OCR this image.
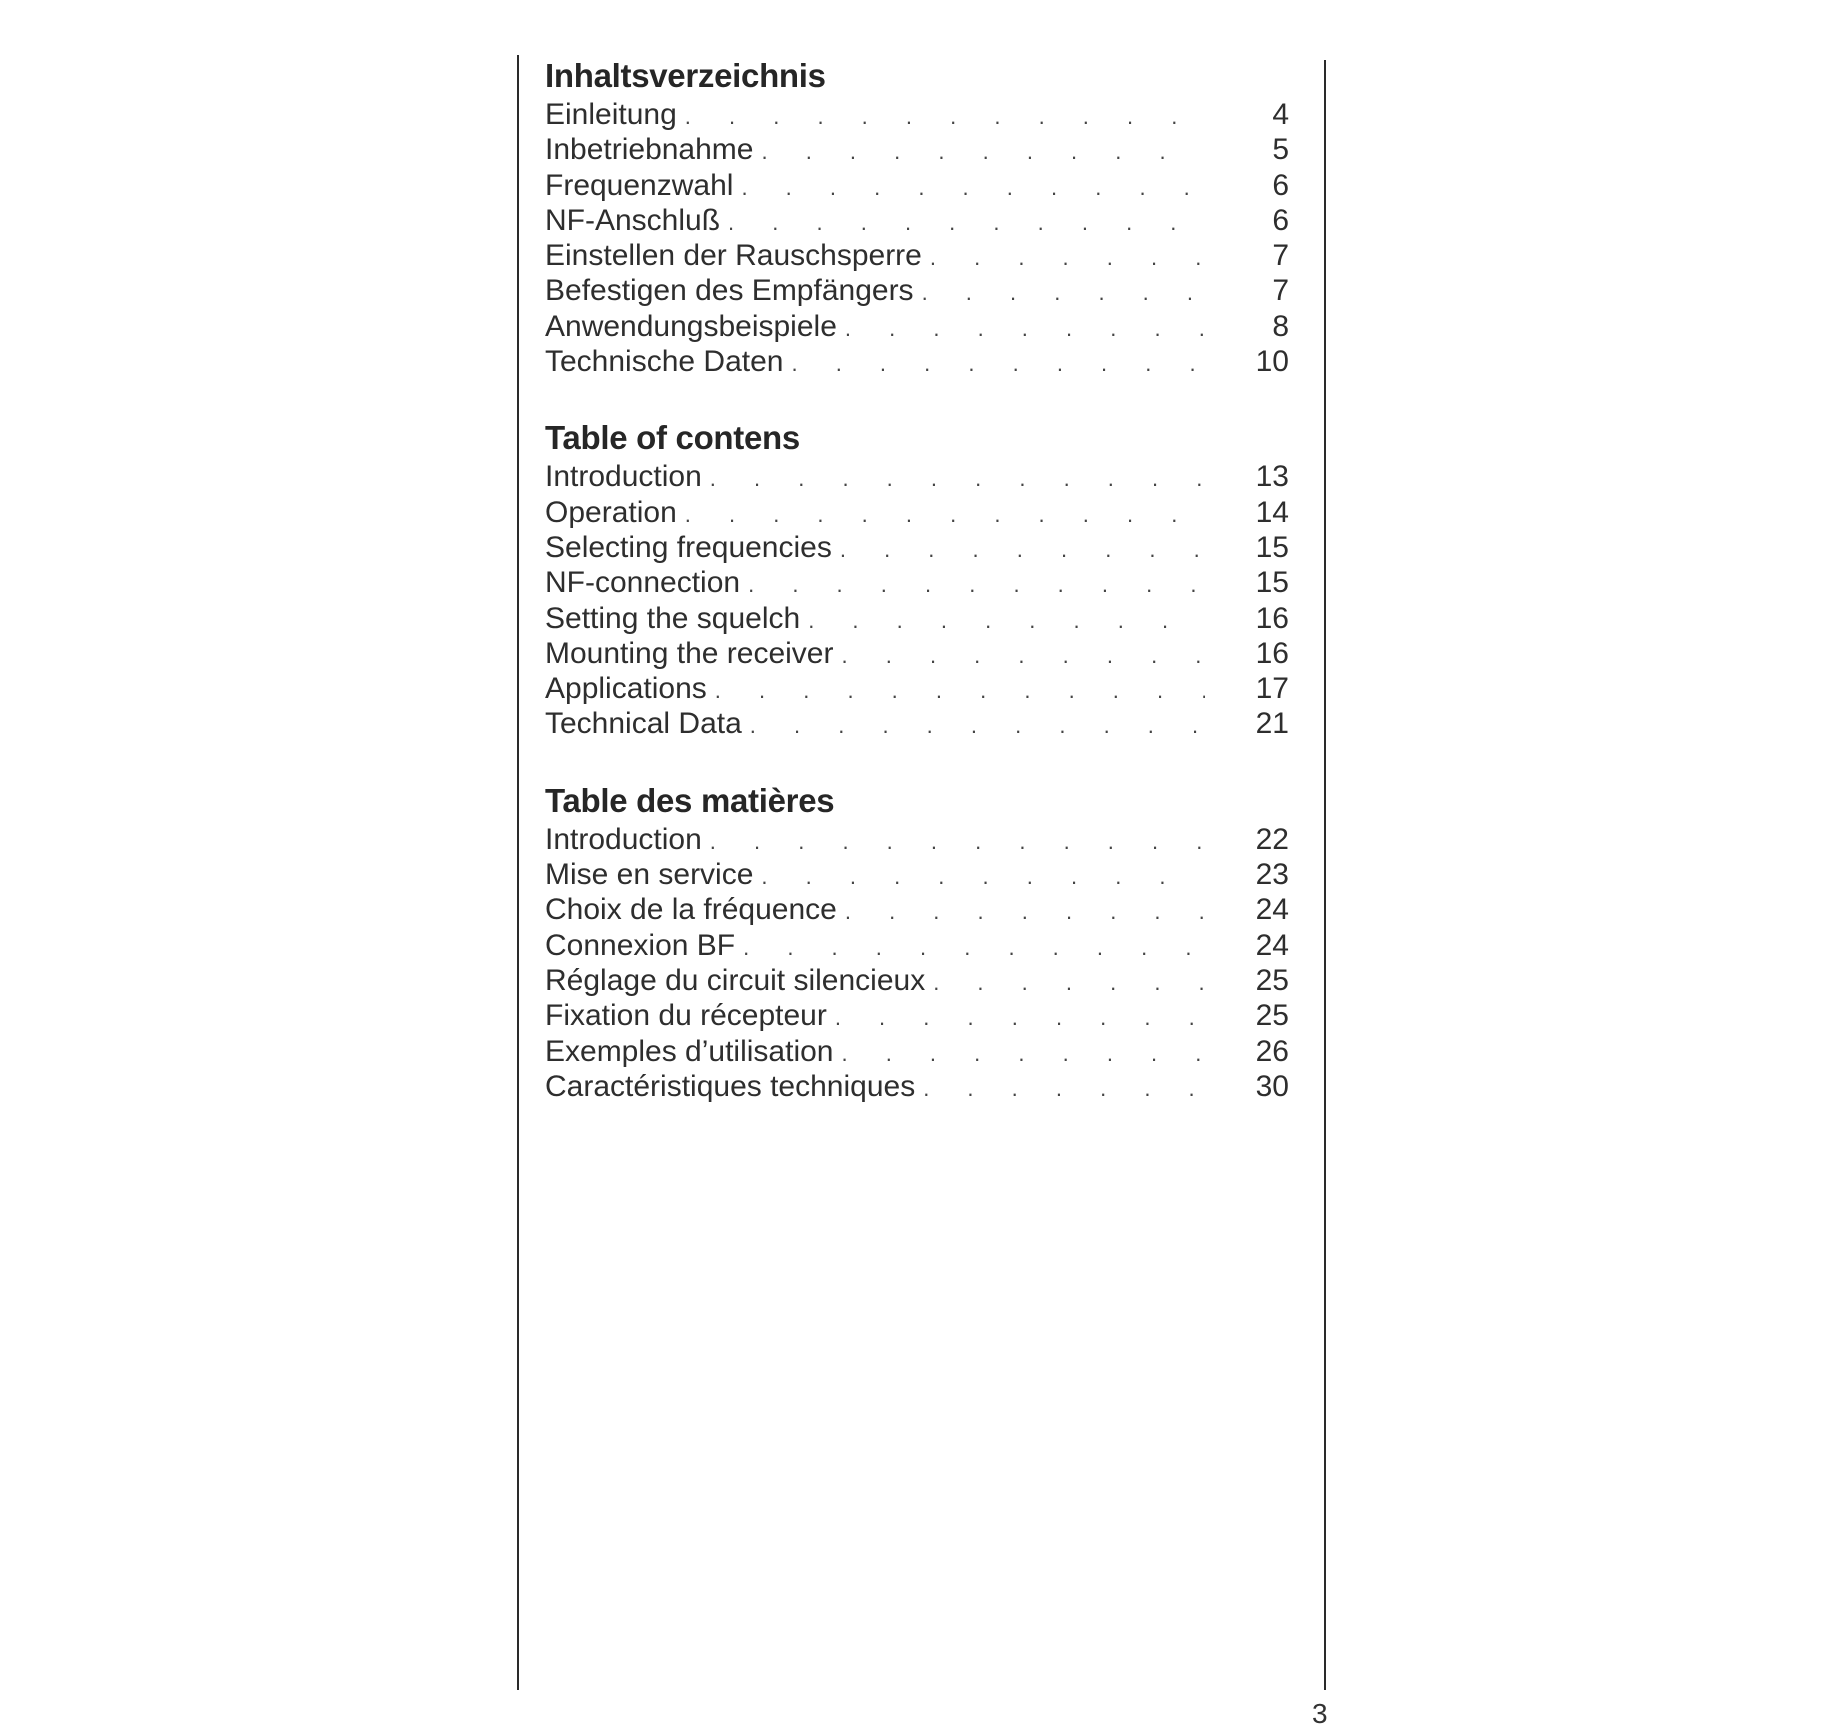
Inhaltsverzeichnis
Einleitung . . .	4
Inbetriebnahme . . .	5
Frequenzwahl . . .	6
NF-Anschluß . . .	6
Einstellen der Rauschsperre . . .	7
Befestigen des Empfängers . . .	7
Anwendungsbeispiele . . .	8
Technische Daten . . .	10
Table of contens
Introduction . . .	13
Operation . . .	14
Selecting frequencies . . .	15
NF-connection . . .	15
Setting the squelch . . .	16
Mounting the receiver . . .	16
Applications . . .	17
Technical Data . . .	21
Table des matières
Introduction . . .	22
Mise en service . . .	23
Choix de la fréquence . . .	24
Connexion BF . . .	24
Réglage du circuit silencieux . . .	25
Fixation du récepteur . . .	25
Exemples d’utilisation . . .	26
Caractéristiques techniques . . .	30
3
